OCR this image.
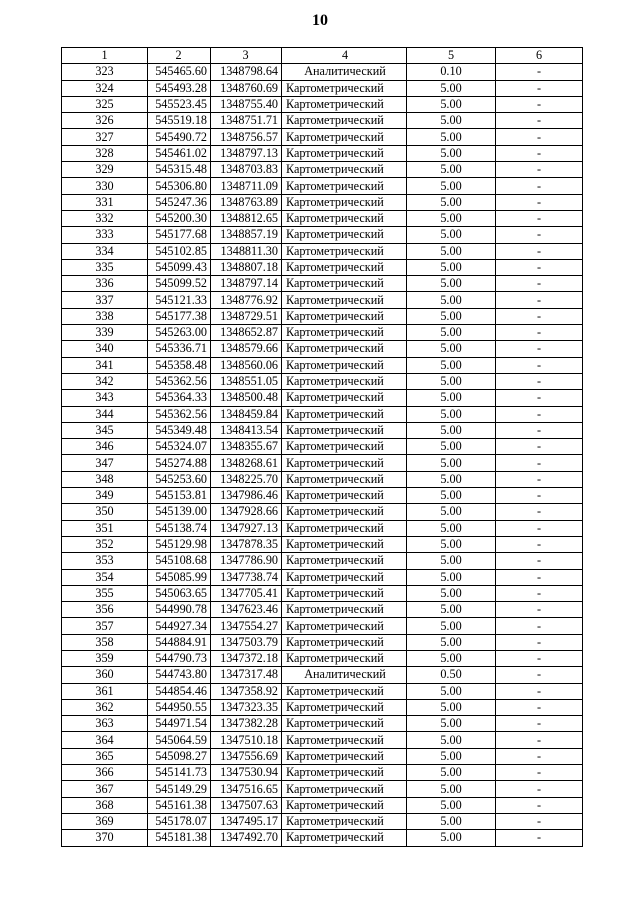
10
1	2	3	4	5	6
323	545465.60	1348798.64	Аналитический	0.10	-
324	545493.28	1348760.69	Картометрический	5.00	-
325	545523.45	1348755.40	Картометрический	5.00	-
326	545519.18	1348751.71	Картометрический	5.00	-
327	545490.72	1348756.57	Картометрический	5.00	-
328	545461.02	1348797.13	Картометрический	5.00	-
329	545315.48	1348703.83	Картометрический	5.00	-
330	545306.80	1348711.09	Картометрический	5.00	-
331	545247.36	1348763.89	Картометрический	5.00	-
332	545200.30	1348812.65	Картометрический	5.00	-
333	545177.68	1348857.19	Картометрический	5.00	-
334	545102.85	1348811.30	Картометрический	5.00	-
335	545099.43	1348807.18	Картометрический	5.00	-
336	545099.52	1348797.14	Картометрический	5.00	-
337	545121.33	1348776.92	Картометрический	5.00	-
338	545177.38	1348729.51	Картометрический	5.00	-
339	545263.00	1348652.87	Картометрический	5.00	-
340	545336.71	1348579.66	Картометрический	5.00	-
341	545358.48	1348560.06	Картометрический	5.00	-
342	545362.56	1348551.05	Картометрический	5.00	-
343	545364.33	1348500.48	Картометрический	5.00	-
344	545362.56	1348459.84	Картометрический	5.00	-
345	545349.48	1348413.54	Картометрический	5.00	-
346	545324.07	1348355.67	Картометрический	5.00	-
347	545274.88	1348268.61	Картометрический	5.00	-
348	545253.60	1348225.70	Картометрический	5.00	-
349	545153.81	1347986.46	Картометрический	5.00	-
350	545139.00	1347928.66	Картометрический	5.00	-
351	545138.74	1347927.13	Картометрический	5.00	-
352	545129.98	1347878.35	Картометрический	5.00	-
353	545108.68	1347786.90	Картометрический	5.00	-
354	545085.99	1347738.74	Картометрический	5.00	-
355	545063.65	1347705.41	Картометрический	5.00	-
356	544990.78	1347623.46	Картометрический	5.00	-
357	544927.34	1347554.27	Картометрический	5.00	-
358	544884.91	1347503.79	Картометрический	5.00	-
359	544790.73	1347372.18	Картометрический	5.00	-
360	544743.80	1347317.48	Аналитический	0.50	-
361	544854.46	1347358.92	Картометрический	5.00	-
362	544950.55	1347323.35	Картометрический	5.00	-
363	544971.54	1347382.28	Картометрический	5.00	-
364	545064.59	1347510.18	Картометрический	5.00	-
365	545098.27	1347556.69	Картометрический	5.00	-
366	545141.73	1347530.94	Картометрический	5.00	-
367	545149.29	1347516.65	Картометрический	5.00	-
368	545161.38	1347507.63	Картометрический	5.00	-
369	545178.07	1347495.17	Картометрический	5.00	-
370	545181.38	1347492.70	Картометрический	5.00	-
